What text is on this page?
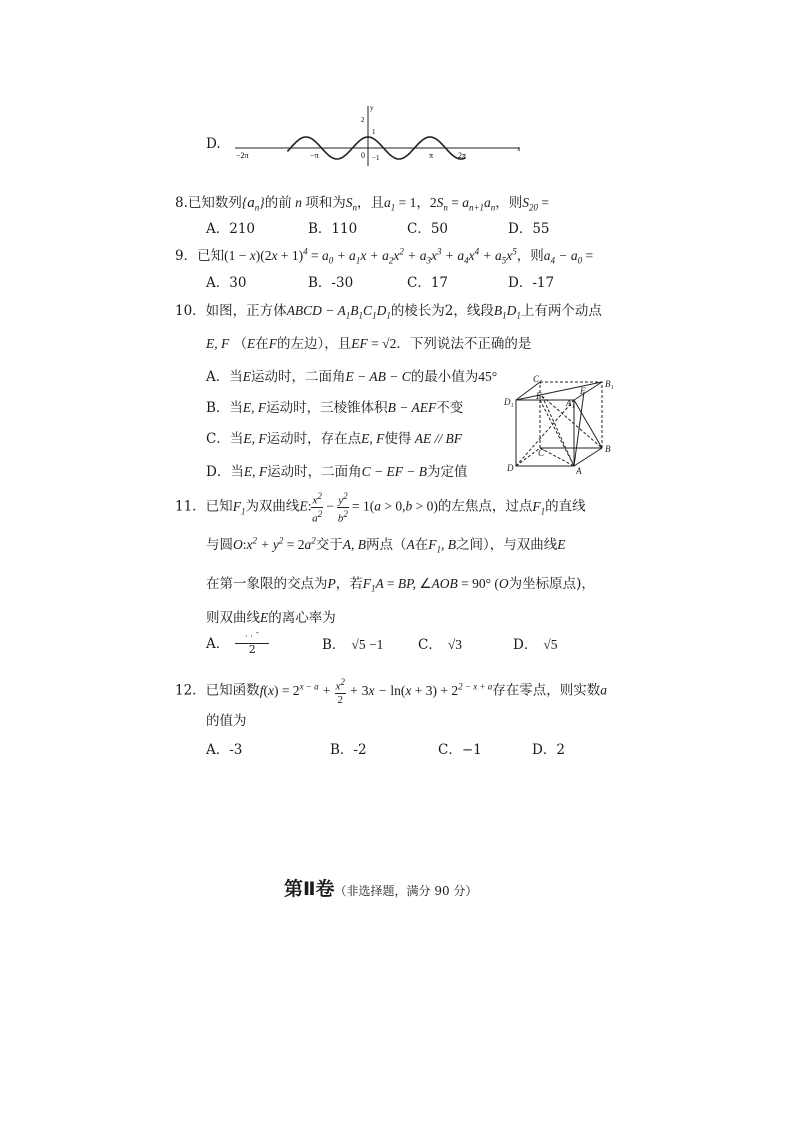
D.
−2π	−π	0	π	2π
2
1
−1
y
x
8.已知数列$\{a_n\}$的前 n 项和为$S_n$，且$a_1 = 1$，$2S_n = a_{n+1}a_n$，则$S_{20}$ =
A．210	B．110	C．50	D．55
9．已知$(1 - x)(2x + 1)^4 = a_0 + a_1x + a_2x^2 + a_3x^3 + a_4x^4 + a_5x^5$，则$a_4 - a_0$ =
A．30	B．-30	C．17	D．-17
10．如图，正方体ABCD − $A_1B_1C_1D_1$的棱长为2，线段$B_1D_1$上有两个动点
E, F （E在F的左边），且EF = √2．下列说法不正确的是
A．当E运动时，二面角E − AB − C的最小值为45°
B．当E, F运动时，三棱锥体积B − AEF不变
C．当E, F运动时，存在点E, F使得 AE // BF
D．当E, F运动时，二面角C − EF − B为定值
C₁	B₁
D₁
E	F
A₁
C	B
D	A
11．已知$F_1$为双曲线E: $\frac{x^2}{a^2} - \frac{y^2}{b^2} = 1(a > 0,b > 0)$的左焦点，过点$F_1$的直线
与圆$O:x^2 + y^2 = 2a^2$交于A, B两点（A在$F_1$, B之间），与双曲线E
在第一象限的交点为P，若$F_1A$ = BP, ∠AOB = 90° (O为坐标原点)，
则双曲线E的离心率为
A． $\frac{\text{· · ˉ}}{2}$	B． √5 −1	C． √3	D． √5
12．已知函数$f(x) = 2^{x - a} + \frac{x^2}{2} + 3x - \ln(x + 3) + 2^{2 - x + a}$存在零点，则实数a
的值为
A．-3	B．-2	C．−1	D．2
第Ⅱ卷（非选择题，满分 90 分）
